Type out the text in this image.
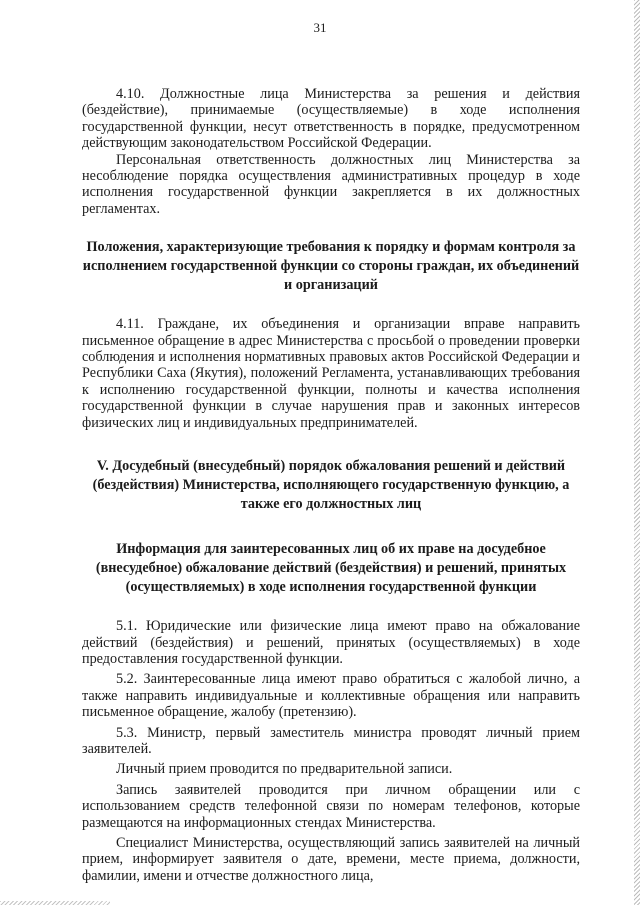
31

4.10. Должностные лица Министерства за решения и действия (бездействие), принимаемые (осуществляемые) в ходе исполнения государственной функции, несут ответственность в порядке, предусмотренном действующим законодательством Российской Федерации.

Персональная ответственность должностных лиц Министерства за несоблюдение порядка осуществления административных процедур в ходе исполнения государственной функции закрепляется в их должностных регламентах.

Положения, характеризующие требования к порядку и формам контроля за исполнением государственной функции со стороны граждан, их объединений и организаций

4.11. Граждане, их объединения и организации вправе направить письменное обращение в адрес Министерства с просьбой о проведении проверки соблюдения и исполнения нормативных правовых актов Российской Федерации и Республики Саха (Якутия), положений Регламента, устанавливающих требования к исполнению государственной функции, полноты и качества исполнения государственной функции в случае нарушения прав и законных интересов физических лиц и индивидуальных предпринимателей.

V. Досудебный (внесудебный) порядок обжалования решений и действий (бездействия) Министерства, исполняющего государственную функцию, а также его должностных лиц

Информация для заинтересованных лиц об их праве на досудебное (внесудебное) обжалование действий (бездействия) и решений, принятых (осуществляемых) в ходе исполнения государственной функции

5.1. Юридические или физические лица имеют право на обжалование действий (бездействия) и решений, принятых (осуществляемых) в ходе предоставления государственной функции.

5.2. Заинтересованные лица имеют право обратиться с жалобой лично, а также направить индивидуальные и коллективные обращения или направить письменное обращение, жалобу (претензию).

5.3. Министр, первый заместитель министра проводят личный прием заявителей.

Личный прием проводится по предварительной записи.

Запись заявителей проводится при личном обращении или с использованием средств телефонной связи по номерам телефонов, которые размещаются на информационных стендах Министерства.

Специалист Министерства, осуществляющий запись заявителей на личный прием, информирует заявителя о дате, времени, месте приема, должности, фамилии, имени и отчестве должностного лица,
